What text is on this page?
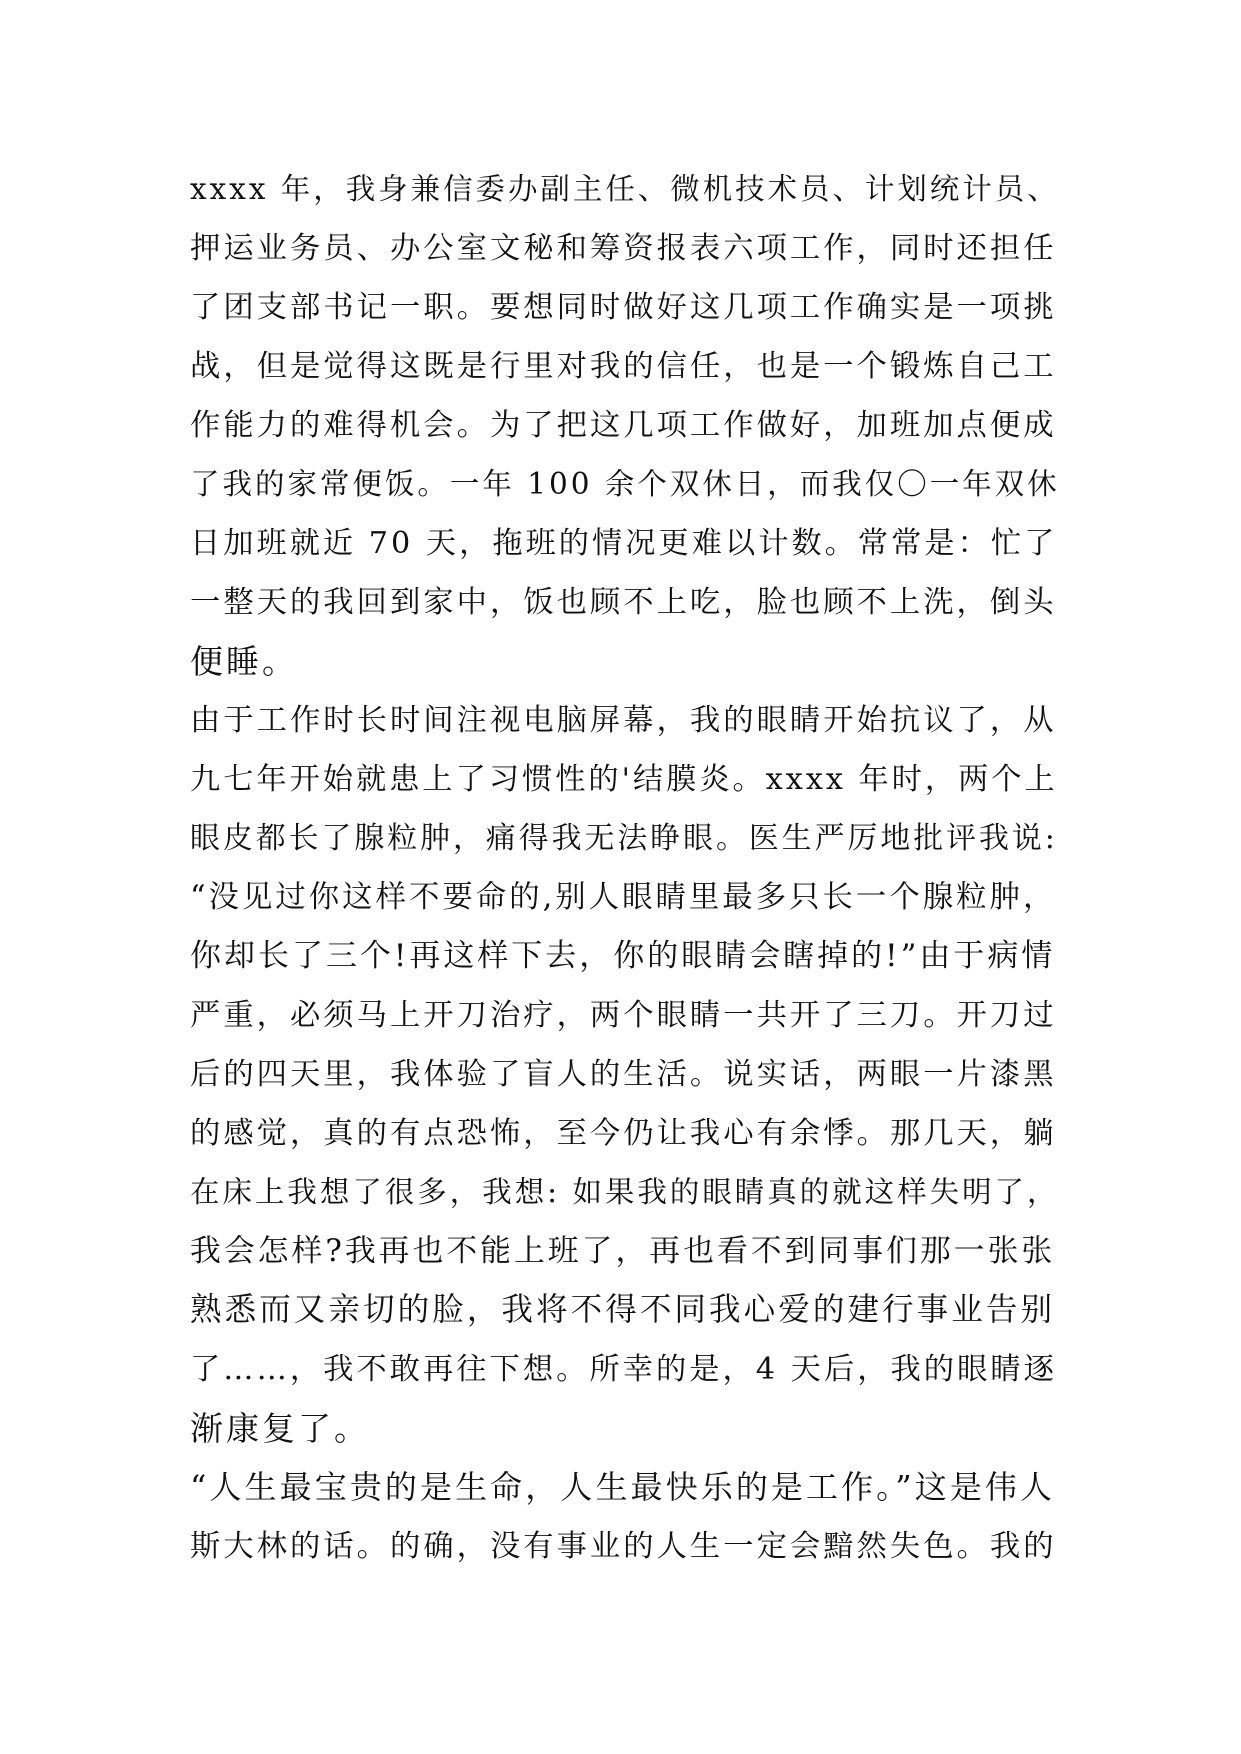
xxxx 年，我身兼信委办副主任、微机技术员、计划统计员、
押运业务员、办公室文秘和筹资报表六项工作，同时还担任
了团支部书记一职。要想同时做好这几项工作确实是一项挑
战，但是觉得这既是行里对我的信任，也是一个锻炼自己工
作能力的难得机会。为了把这几项工作做好，加班加点便成
了我的家常便饭。一年 100 余个双休日，而我仅〇一年双休
日加班就近 70 天，拖班的情况更难以计数。常常是：忙了
一整天的我回到家中，饭也顾不上吃，脸也顾不上洗，倒头
便睡。
由于工作时长时间注视电脑屏幕，我的眼睛开始抗议了，从
九七年开始就患上了习惯性的'结膜炎。xxxx 年时，两个上
眼皮都长了腺粒肿，痛得我无法睁眼。医生严厉地批评我说:
“没见过你这样不要命的,别人眼睛里最多只长一个腺粒肿，
你却长了三个!再这样下去，你的眼睛会瞎掉的!”由于病情
严重，必须马上开刀治疗，两个眼睛一共开了三刀。开刀过
后的四天里，我体验了盲人的生活。说实话，两眼一片漆黑
的感觉，真的有点恐怖，至今仍让我心有余悸。那几天，躺
在床上我想了很多，我想: 如果我的眼睛真的就这样失明了，
我会怎样?我再也不能上班了，再也看不到同事们那一张张
熟悉而又亲切的脸，我将不得不同我心爱的建行事业告别
了……，我不敢再往下想。所幸的是，4 天后，我的眼睛逐
渐康复了。
“人生最宝贵的是生命，人生最快乐的是工作。”这是伟人
斯大林的话。的确，没有事业的人生一定会黯然失色。我的
